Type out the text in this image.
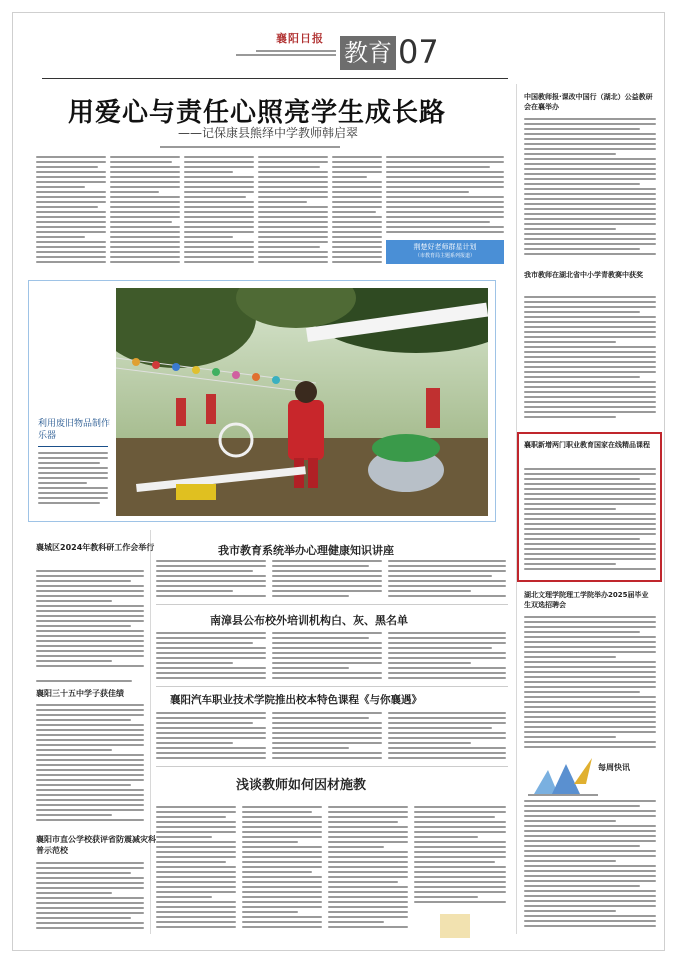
襄阳日报
教育 07
用爱心与责任心照亮学生成长路
——记保康县熊绎中学教师韩启翠
荆楚好老师群星计划
（市教育局主题系列报道）
利用废旧物品制作乐器
中国教师报·课改中国行（湖北）公益教研会在襄举办
我市教师在湖北省中小学青教赛中获奖
襄职新增两门职业教育国家在线精品课程
湖北文理学院理工学院举办2025届毕业生双选招聘会
每周快讯
襄城区2024年教科研工作会举行
襄阳三十五中学子获佳绩
襄阳市直公学校获评省防震减灾科普示范校
我市教育系统举办心理健康知识讲座
南漳县公布校外培训机构白、灰、黑名单
襄阳汽车职业技术学院推出校本特色课程《与你襄遇》
浅谈教师如何因材施教
